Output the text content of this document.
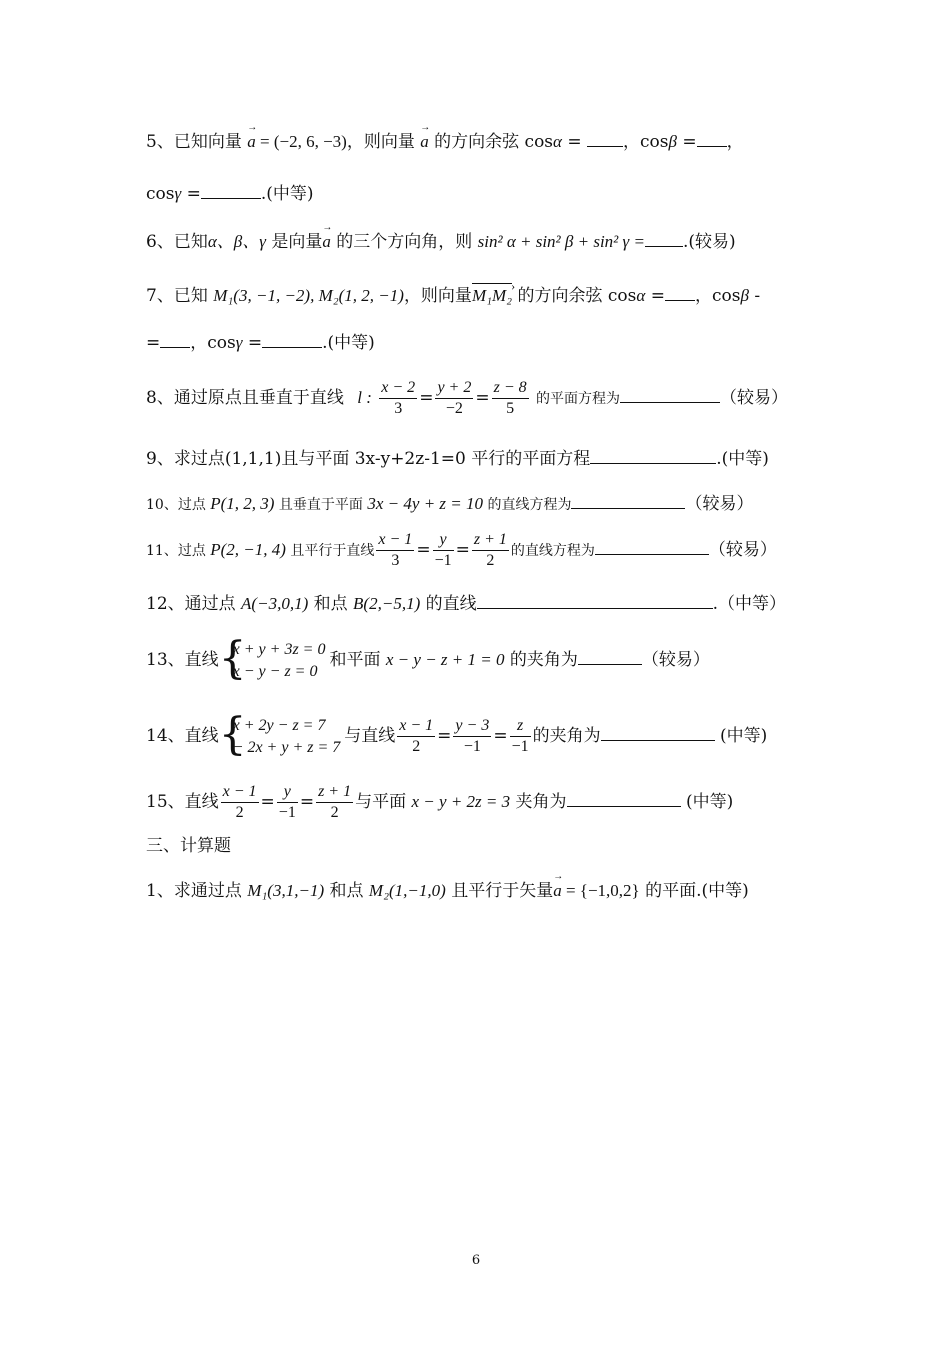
5、已知向量 → a = (−2, 6, −3)，则向量 → a 的方向余弦 cosα = ，cosβ = ，
cosγ =	.(中等)
6、已知α、β、γ 是向量→ a 的三个方向角，则 sin² α + sin² β + sin² γ = .(较易)
7、已知 M₁(3, −1, −2), M₂(1, 2, −1)，则向量M₁M₂ › 的方向余弦 cosα = ，cosβ -
= ，cosγ =	.(中等)
8、通过原点且垂直于直线 l : $\frac{x - 2}{3} = \frac{y + 2}{-2} = \frac{z - 8}{5}$ 的平面方程为	（较易）
9、求过点(1,1,1)且与平面 3x-y+2z-1=0 平行的平面方程	.(中等)
10、过点 P(1, 2, 3) 且垂直于平面 3x − 4y + z = 10 的直线方程为	（较易）
11、过点 P(2, −1, 4) 且平行于直线 $\frac{x - 1}{3} = \frac{y}{-1} = \frac{z + 1}{2}$ 的直线方程为	（较易）
12、通过点 A(−3,0,1) 和点 B(2,−5,1) 的直线	.（中等）
13、直线 {
x + y + 3z = 0
x − y − z = 0
和平面 x − y − z + 1 = 0 的夹角为	（较易）
14、直线 {
x + 2y − z = 7
− 2x + y + z = 7
与直线 $\frac{x - 1}{2} = \frac{y - 3}{-1} = \frac{z}{-1}$ 的夹角为	(中等)
15、直线 $\frac{x - 1}{2} = \frac{y}{-1} = \frac{z + 1}{2}$ 与平面 x − y + 2z = 3 夹角为	(中等)
三、计算题
1、求通过点 M₁(3,1,−1) 和点 M₂(1,−1,0) 且平行于矢量→ a = {−1,0,2} 的平面.(中等)
6
